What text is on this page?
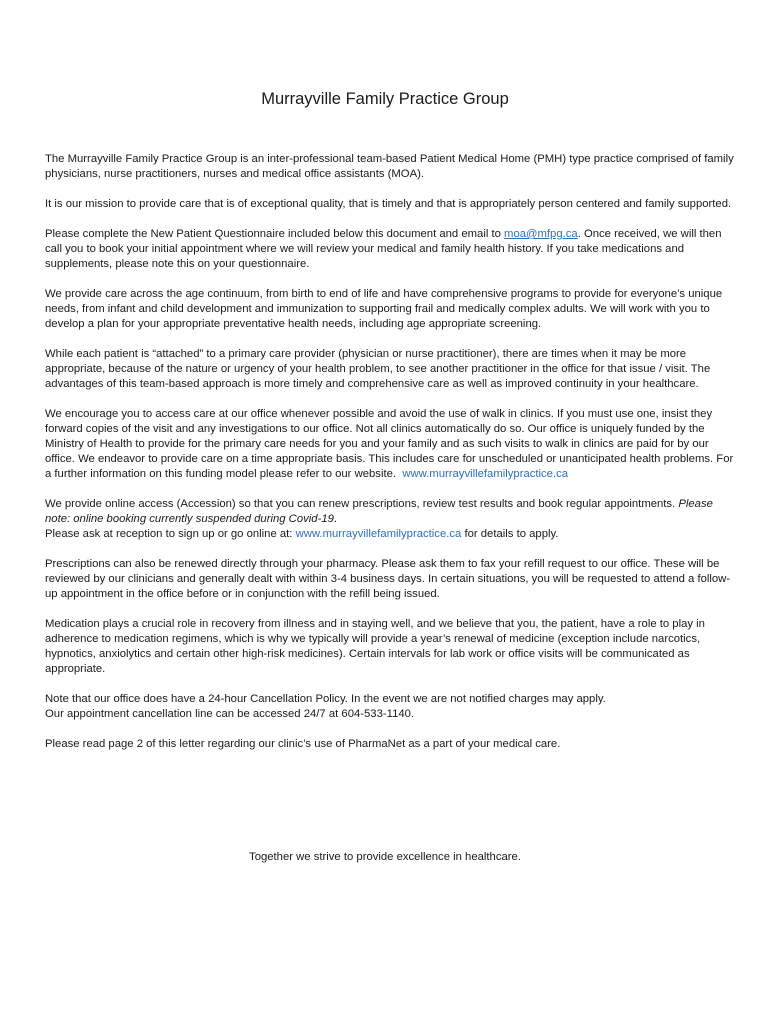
Murrayville Family Practice Group

The Murrayville Family Practice Group is an inter-professional team-based Patient Medical Home (PMH) type practice comprised of family physicians, nurse practitioners, nurses and medical office assistants (MOA).

It is our mission to provide care that is of exceptional quality, that is timely and that is appropriately person centered and family supported.

Please complete the New Patient Questionnaire included below this document and email to moa@mfpg.ca. Once received, we will then call you to book your initial appointment where we will review your medical and family health history. If you take medications and supplements, please note this on your questionnaire.

We provide care across the age continuum, from birth to end of life and have comprehensive programs to provide for everyone’s unique needs, from infant and child development and immunization to supporting frail and medically complex adults. We will work with you to develop a plan for your appropriate preventative health needs, including age appropriate screening.

While each patient is “attached” to a primary care provider (physician or nurse practitioner), there are times when it may be more appropriate, because of the nature or urgency of your health problem, to see another practitioner in the office for that issue / visit. The advantages of this team-based approach is more timely and comprehensive care as well as improved continuity in your healthcare.

We encourage you to access care at our office whenever possible and avoid the use of walk in clinics. If you must use one, insist they forward copies of the visit and any investigations to our office. Not all clinics automatically do so. Our office is uniquely funded by the Ministry of Health to provide for the primary care needs for you and your family and as such visits to walk in clinics are paid for by our office. We endeavor to provide care on a time appropriate basis. This includes care for unscheduled or unanticipated health problems. For a further information on this funding model please refer to our website. www.murrayvillefamilypractice.ca

We provide online access (Accession) so that you can renew prescriptions, review test results and book regular appointments. Please note: online booking currently suspended during Covid-19.
Please ask at reception to sign up or go online at: www.murrayvillefamilypractice.ca for details to apply.

Prescriptions can also be renewed directly through your pharmacy. Please ask them to fax your refill request to our office. These will be reviewed by our clinicians and generally dealt with within 3-4 business days. In certain situations, you will be requested to attend a follow-up appointment in the office before or in conjunction with the refill being issued.

Medication plays a crucial role in recovery from illness and in staying well, and we believe that you, the patient, have a role to play in adherence to medication regimens, which is why we typically will provide a year’s renewal of medicine (exception include narcotics, hypnotics, anxiolytics and certain other high-risk medicines). Certain intervals for lab work or office visits will be communicated as appropriate.

Note that our office does have a 24-hour Cancellation Policy. In the event we are not notified charges may apply.
Our appointment cancellation line can be accessed 24/7 at 604-533-1140.

Please read page 2 of this letter regarding our clinic’s use of PharmaNet as a part of your medical care.

Together we strive to provide excellence in healthcare.
